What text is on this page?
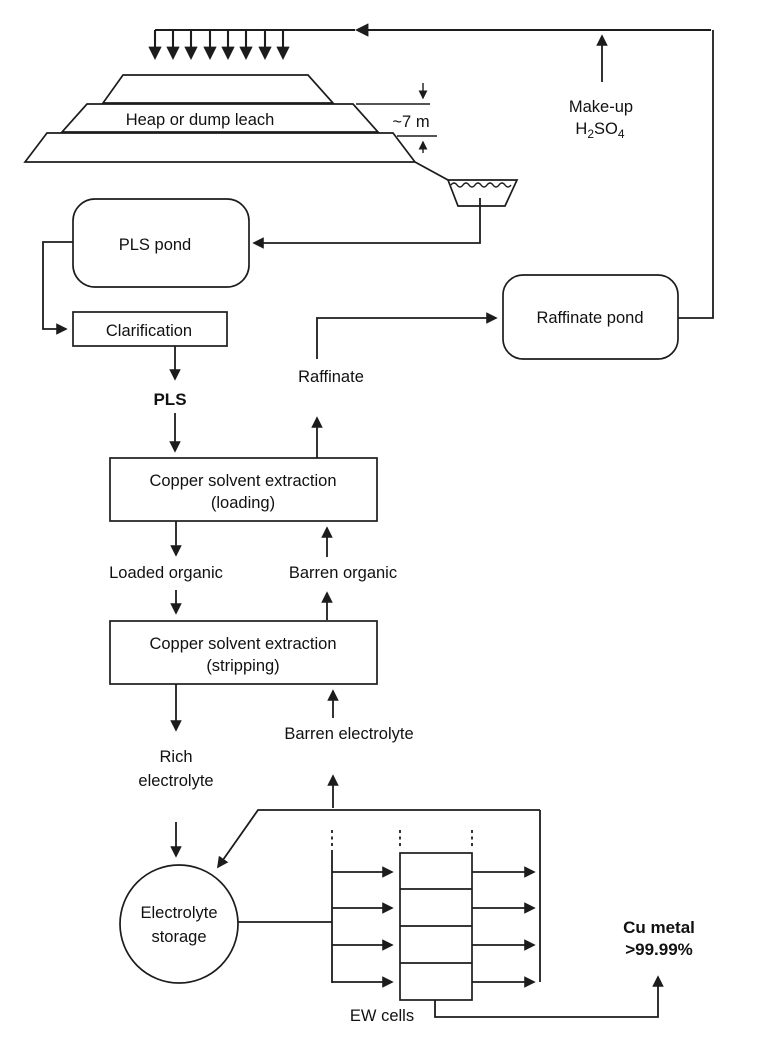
Heap or dump leach	~7 m
Make-up
$H_2SO_4$
PLS pond
Clarification
PLS
Raffinate
Raffinate pond
Copper solvent extraction
(loading)
Loaded organic	Barren organic
Copper solvent extraction
(stripping)
Rich
electrolyte
Barren electrolyte
Electrolyte
storage
EW cells
Cu metal
>99.99%
